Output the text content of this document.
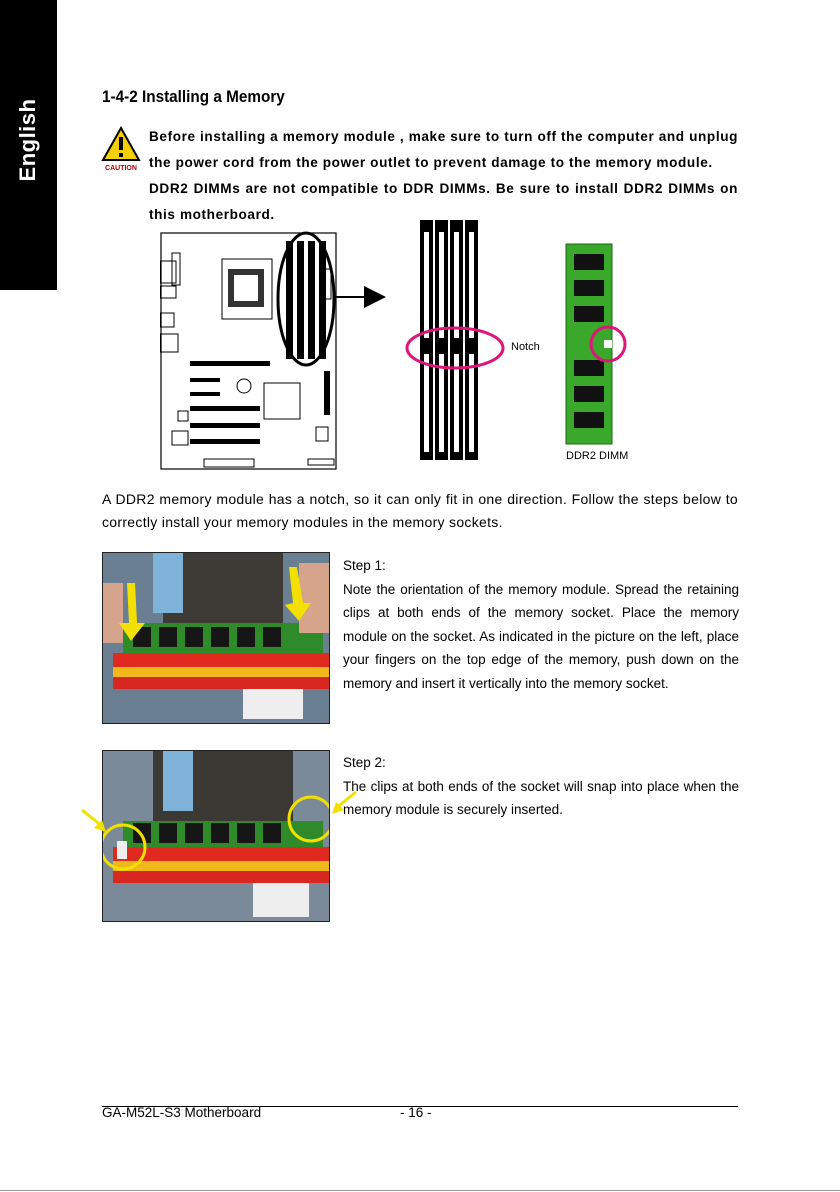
English
1-4-2 Installing a Memory
CAUTION

Before installing a memory module , make sure to turn off the computer and unplug the power cord from the power outlet to prevent damage to the memory module.

DDR2 DIMMs are not compatible to DDR DIMMs. Be sure to install DDR2 DIMMs on this motherboard.

Notch
DDR2 DIMM
A DDR2 memory module has a notch, so it can only fit in one direction. Follow the steps below to correctly install your memory modules in the memory sockets.
Step 1:
Note the orientation of the memory module. Spread the retaining clips at both ends of the memory socket. Place the memory module on the socket. As indicated in the picture on the left, place your fingers on the top edge of the memory, push down on the memory and insert it vertically into the memory socket.
Step 2:
The clips at both ends of the socket will snap into place when the memory module is securely inserted.
GA-M52L-S3 Motherboard	- 16 -
